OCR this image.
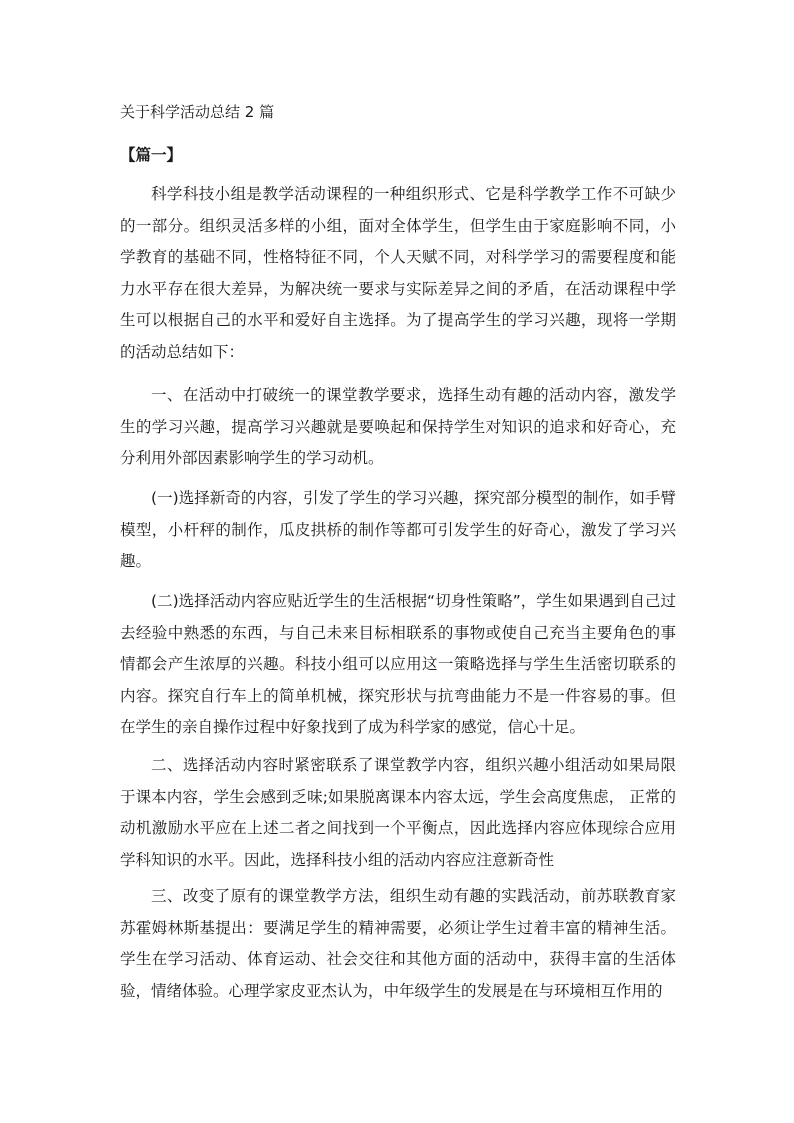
关于科学活动总结 2 篇
【篇一】

科学科技小组是教学活动课程的一种组织形式、它是科学教学工作不可缺少的一部分。组织灵活多样的小组，面对全体学生，但学生由于家庭影响不同，小学教育的基础不同，性格特征不同，个人天赋不同，对科学学习的需要程度和能力水平存在很大差异，为解决统一要求与实际差异之间的矛盾，在活动课程中学生可以根据自己的水平和爱好自主选择。为了提高学生的学习兴趣，现将一学期的活动总结如下：

一、在活动中打破统一的课堂教学要求，选择生动有趣的活动内容，激发学生的学习兴趣，提高学习兴趣就是要唤起和保持学生对知识的追求和好奇心，充分利用外部因素影响学生的学习动机。

(一)选择新奇的内容，引发了学生的学习兴趣，探究部分模型的制作，如手臂模型，小杆秤的制作，瓜皮拱桥的制作等都可引发学生的好奇心，激发了学习兴趣。

(二)选择活动内容应贴近学生的生活根据“切身性策略”，学生如果遇到自己过去经验中熟悉的东西，与自己未来目标相联系的事物或使自己充当主要角色的事情都会产生浓厚的兴趣。科技小组可以应用这一策略选择与学生生活密切联系的内容。探究自行车上的简单机械，探究形状与抗弯曲能力不是一件容易的事。但在学生的亲自操作过程中好象找到了成为科学家的感觉，信心十足。

二、选择活动内容时紧密联系了课堂教学内容，组织兴趣小组活动如果局限于课本内容，学生会感到乏味;如果脱离课本内容太远，学生会高度焦虑， 正常的动机激励水平应在上述二者之间找到一个平衡点，因此选择内容应体现综合应用学科知识的水平。因此，选择科技小组的活动内容应注意新奇性

三、改变了原有的课堂教学方法，组织生动有趣的实践活动，前苏联教育家苏霍姆林斯基提出：要满足学生的精神需要，必须让学生过着丰富的精神生活。学生在学习活动、体育运动、社会交往和其他方面的活动中，获得丰富的生活体验，情绪体验。心理学家皮亚杰认为，中年级学生的发展是在与环境相互作用的
